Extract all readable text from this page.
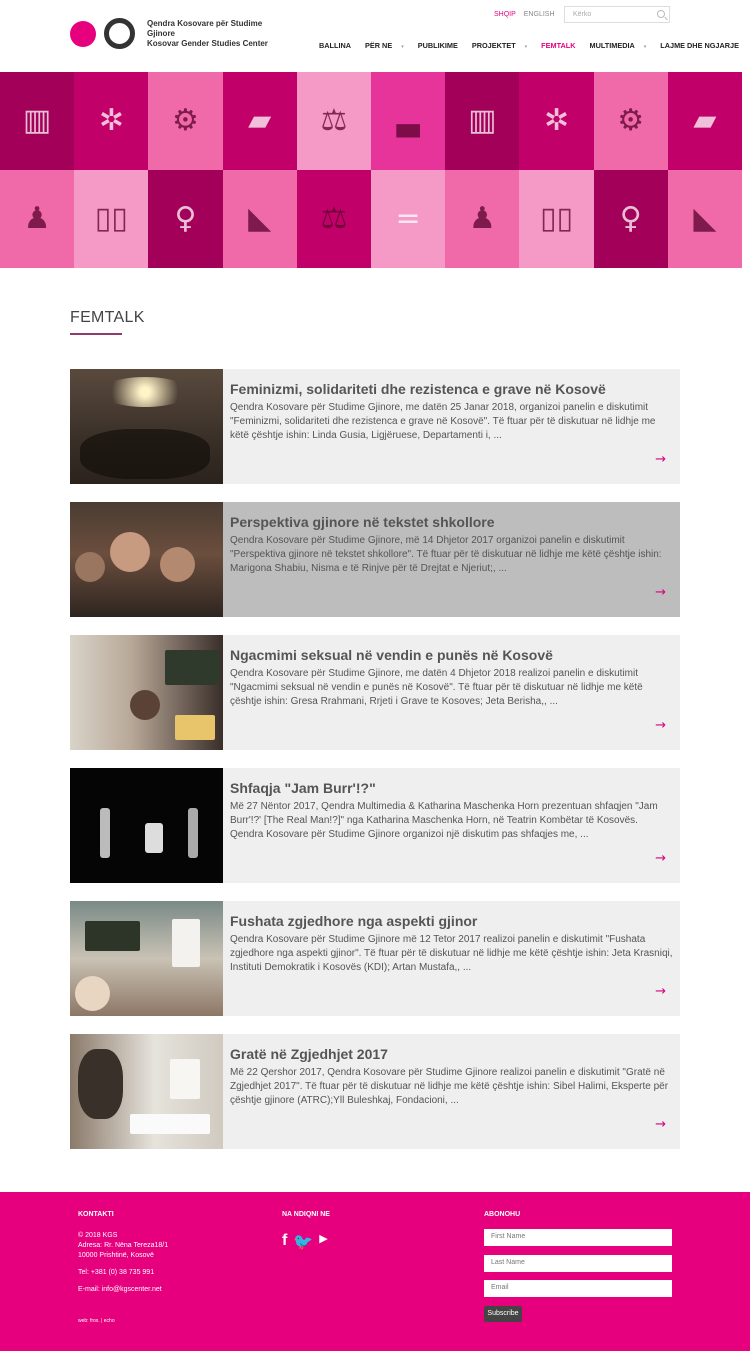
Qendra Kosovare për Studime Gjinore
Kosovar Gender Studies Center
SHQIP ENGLISH	Kërko
BALLINA	PËR NE ▾	PUBLIKIME	PROJEKTET ▾	FEMTALK	MULTIMEDIA ▾	LAJME DHE NGJARJE
▥ ✲ ⚙ ▰ ⚖ ▃ ▥ ✲ ⚙ ▰
♟ ▯▯ ♀ ◣ ⚖ = ♟ ▯▯ ♀ ◣
FEMTALK
Feminizmi, solidariteti dhe rezistenca e grave në Kosovë

Qendra Kosovare për Studime Gjinore, me datën 25 Janar 2018, organizoi panelin e diskutimit "Feminizmi, solidariteti dhe rezistenca e grave në Kosovë". Të ftuar për të diskutuar në lidhje me këtë çështje ishin: Linda Gusia, Ligjëruese, Departamenti i, ...

→
Perspektiva gjinore në tekstet shkollore

Qendra Kosovare për Studime Gjinore, më 14 Dhjetor 2017 organizoi panelin e diskutimit "Perspektiva gjinore në tekstet shkollore". Të ftuar për të diskutuar në lidhje me këtë çështje ishin: Marigona Shabiu, Nisma e të Rinjve për të Drejtat e Njeriut;, ...

→
Ngacmimi seksual në vendin e punës në Kosovë

Qendra Kosovare për Studime Gjinore, me datën 4 Dhjetor 2018 realizoi panelin e diskutimit "Ngacmimi seksual në vendin e punës në Kosovë". Të ftuar për të diskutuar në lidhje me këtë çështje ishin: Gresa Rrahmani, Rrjeti i Grave te Kosoves; Jeta Berisha,, ...

→
Shfaqja "Jam Burr'!?"

Më 27 Nëntor 2017, Qendra Multimedia & Katharina Maschenka Horn prezentuan shfaqjen "Jam Burr'!?' [The Real Man!?]" nga Katharina Maschenka Horn, në Teatrin Kombëtar të Kosovës. Qendra Kosovare për Studime Gjinore organizoi një diskutim pas shfaqjes me, ...

→
Fushata zgjedhore nga aspekti gjinor

Qendra Kosovare për Studime Gjinore më 12 Tetor 2017 realizoi panelin e diskutimit "Fushata zgjedhore nga aspekti gjinor". Të ftuar për të diskutuar në lidhje me këtë çështje ishin: Jeta Krasniqi, Instituti Demokratik i Kosovës (KDI); Artan Mustafa,, ...

→
Gratë në Zgjedhjet 2017

Më 22 Qershor 2017, Qendra Kosovare për Studime Gjinore realizoi panelin e diskutimit "Gratë në Zgjedhjet 2017". Të ftuar për të diskutuar në lidhje me këtë çështje ishin: Sibel Halimi, Eksperte për çështje gjinore (ATRC);Yll Buleshkaj, Fondacioni, ...

→
KONTAKTI
© 2018 KGS
Adresa: Rr. Nëna Tereza18/1
10000 Prishtinë, Kosovë
Tel: +381 (0) 38 735 991
E-mail: info@kgscenter.net
NA NDIQNI NE
f 🐦 ▶
ABONOHU
web: frox. | echo
First Name
Last Name
Email
Subscribe
